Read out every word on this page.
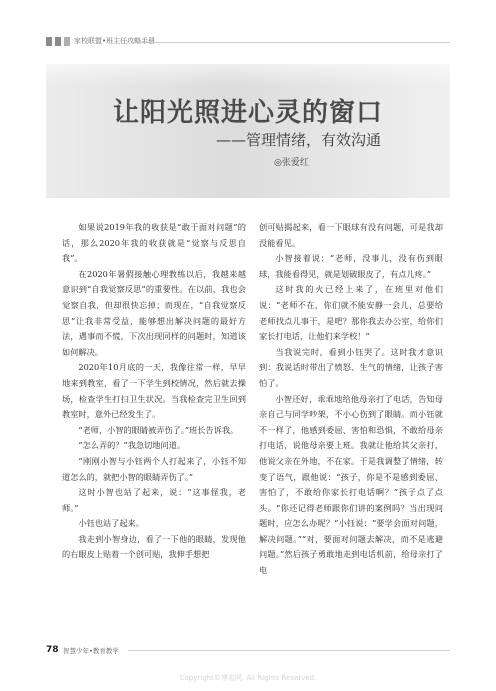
家校联盟•班主任攻略手册
让阳光照进心灵的窗口
——管理情绪，有效沟通
◎张爱红

如果说2019年我的收获是“敢于面对问题”的话，那么2020年我的收获就是“觉察与反思自我”。

在2020年暑假接触心理教练以后，我越来越意识到“自我觉察反思”的重要性。在以前，我也会觉察自我，但却很快忘掉；而现在，“自我觉察反思”让我非常受益，能够想出解决问题的最好方法，遇事而不慌，下次出现同样的问题时，知道该如何解决。

2020年10月底的一天，我像往常一样，早早地来到教室，看了一下学生到校情况，然后就去操场，检查学生打扫卫生状况。当我检查完卫生回到教室时，意外已经发生了。

“老师，小智的眼睛被弄伤了。”班长告诉我。

“怎么弄的？”我急切地问道。

“刚刚小智与小钰两个人打起来了，小钰不知道怎么的，就把小智的眼睛弄伤了。”

这时小智也站了起来，说：“这事怪我，老师。”

小钰也站了起来。

我走到小智身边，看了一下他的眼睛，发现他的右眼皮上贴着一个创可贴，我伸手想把

创可贴揭起来，看一下眼球有没有问题，可是我却没能看见。

小智接着说：“老师，没事儿，没有伤到眼球，我能看得见，就是划破眼皮了，有点儿疼。”

这时我的火已经上来了，在班里对他们说：“老师不在，你们就不能安静一会儿，总要给老师找点儿事干，是吧？那你我去办公室，给你们家长打电话，让他们来学校！”

当我说完时，看到小钰哭了。这时我才意识到：我说话时带出了愤怒、生气的情绪，让孩子害怕了。

小智还好，乖乖地给他母亲打了电话，告知母亲自己与同学吵架，不小心伤到了眼睛。而小钰就不一样了，他感到委屈、害怕和恐惧，不敢给母亲打电话，说他母亲要上班。我就让他给其父亲打，他说父亲在外地，不在家。于是我调整了情绪，转变了语气，跟他说：“孩子，你是不是感到委屈、害怕了，不敢给你家长打电话啊？”孩子点了点头。“你还记得老师跟你们讲的案例吗？当出现问题时，应怎么办呢？”小钰说：“要学会面对问题，解决问题。”“对，要面对问题去解决，而不是逃避问题。”然后孩子勇敢地走到电话机前，给母亲打了电

78 智慧少年•教育教学
Copyright©博看网. All Rights Reserved.
